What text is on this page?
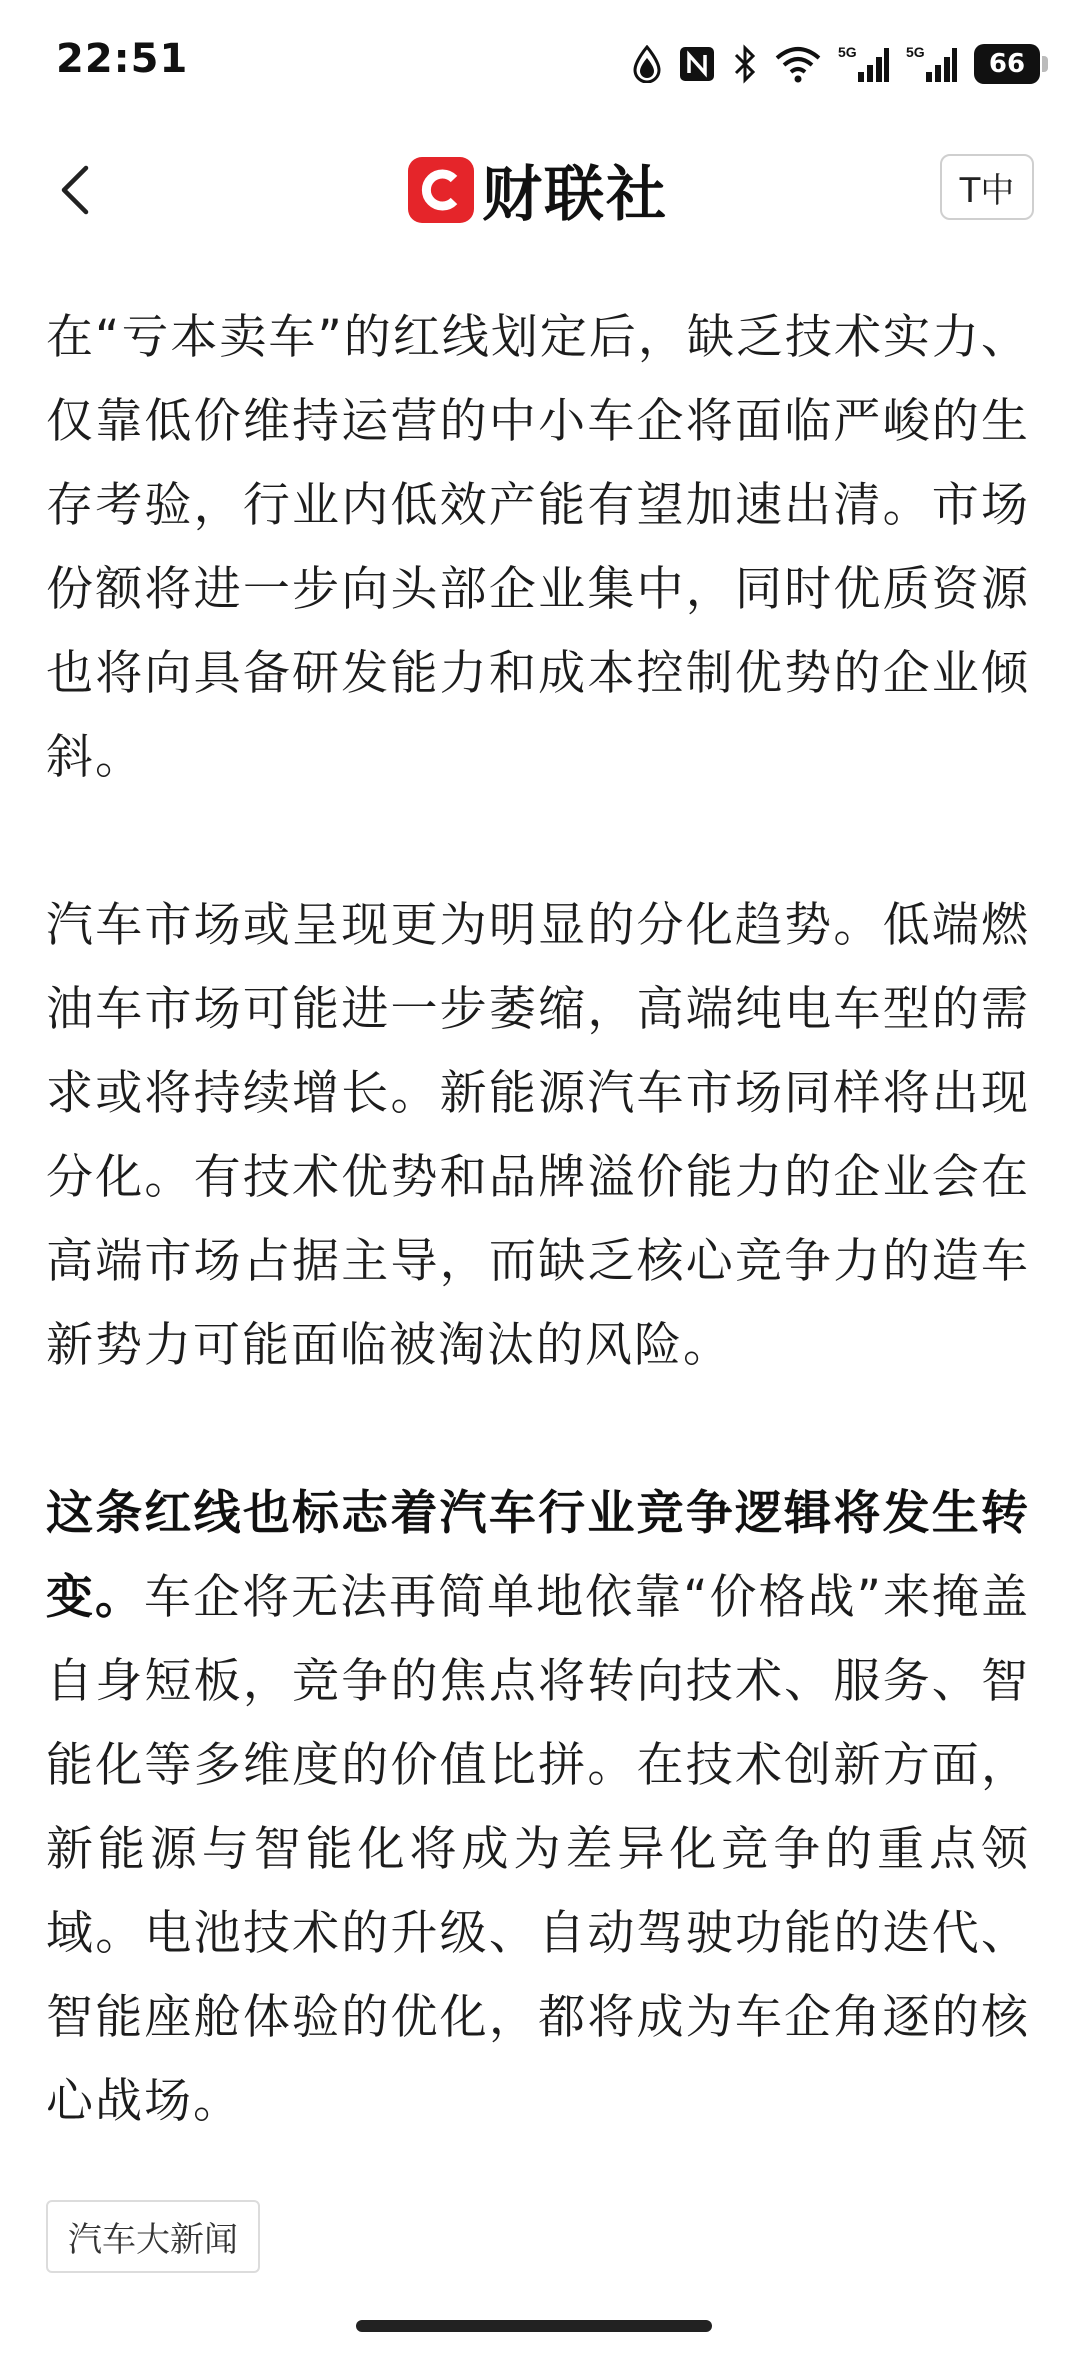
22:51	5G	5G 66
财联社	T中

在“亏本卖车”的红线划定后，缺乏技术实力、仅靠低价维持运营的中小车企将面临严峻的生存考验，行业内低效产能有望加速出清。市场份额将进一步向头部企业集中，同时优质资源也将向具备研发能力和成本控制优势的企业倾斜。

汽车市场或呈现更为明显的分化趋势。低端燃油车市场可能进一步萎缩，高端纯电车型的需求或将持续增长。新能源汽车市场同样将出现分化。有技术优势和品牌溢价能力的企业会在高端市场占据主导，而缺乏核心竞争力的造车新势力可能面临被淘汰的风险。

这条红线也标志着汽车行业竞争逻辑将发生转变。车企将无法再简单地依靠“价格战”来掩盖自身短板，竞争的焦点将转向技术、服务、智能化等多维度的价值比拼。在技术创新方面，新能源与智能化将成为差异化竞争的重点领域。电池技术的升级、自动驾驶功能的迭代、智能座舱体验的优化，都将成为车企角逐的核心战场。

汽车大新闻
